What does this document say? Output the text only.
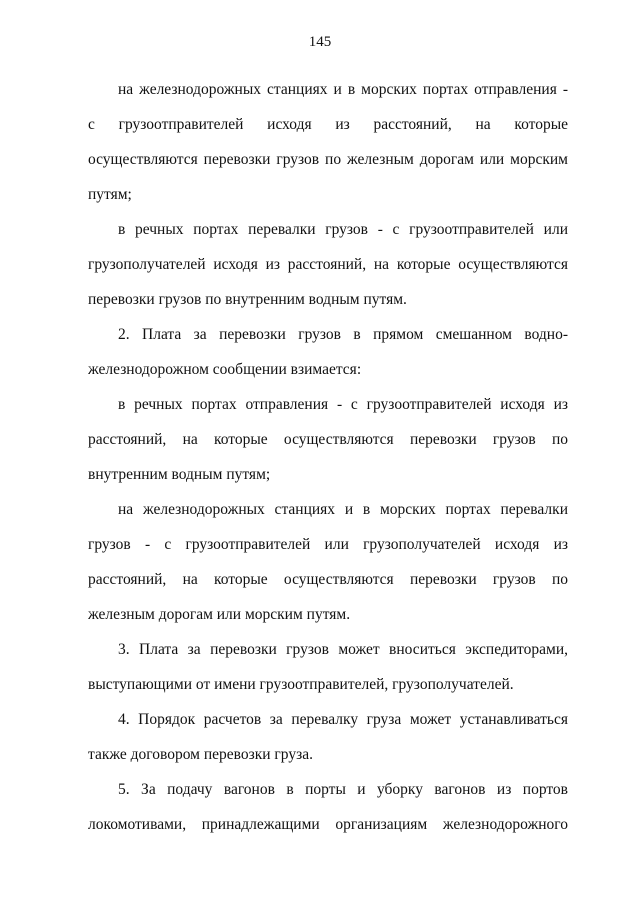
145
на железнодорожных станциях и в морских портах отправления -
с грузоотправителей исходя из расстояний, на которые
осуществляются перевозки грузов по железным дорогам или морским
путям;
в речных портах перевалки грузов - с грузоотправителей или
грузополучателей исходя из расстояний, на которые осуществляются
перевозки грузов по внутренним водным путям.
2. Плата за перевозки грузов в прямом смешанном водно-
железнодорожном сообщении взимается:
в речных портах отправления - с грузоотправителей исходя из
расстояний, на которые осуществляются перевозки грузов по
внутренним водным путям;
на железнодорожных станциях и в морских портах перевалки
грузов - с грузоотправителей или грузополучателей исходя из
расстояний, на которые осуществляются перевозки грузов по
железным дорогам или морским путям.
3. Плата за перевозки грузов может вноситься экспедиторами,
выступающими от имени грузоотправителей, грузополучателей.
4. Порядок расчетов за перевалку груза может устанавливаться
также договором перевозки груза.
5. За подачу вагонов в порты и уборку вагонов из портов
локомотивами, принадлежащими организациям железнодорожного
